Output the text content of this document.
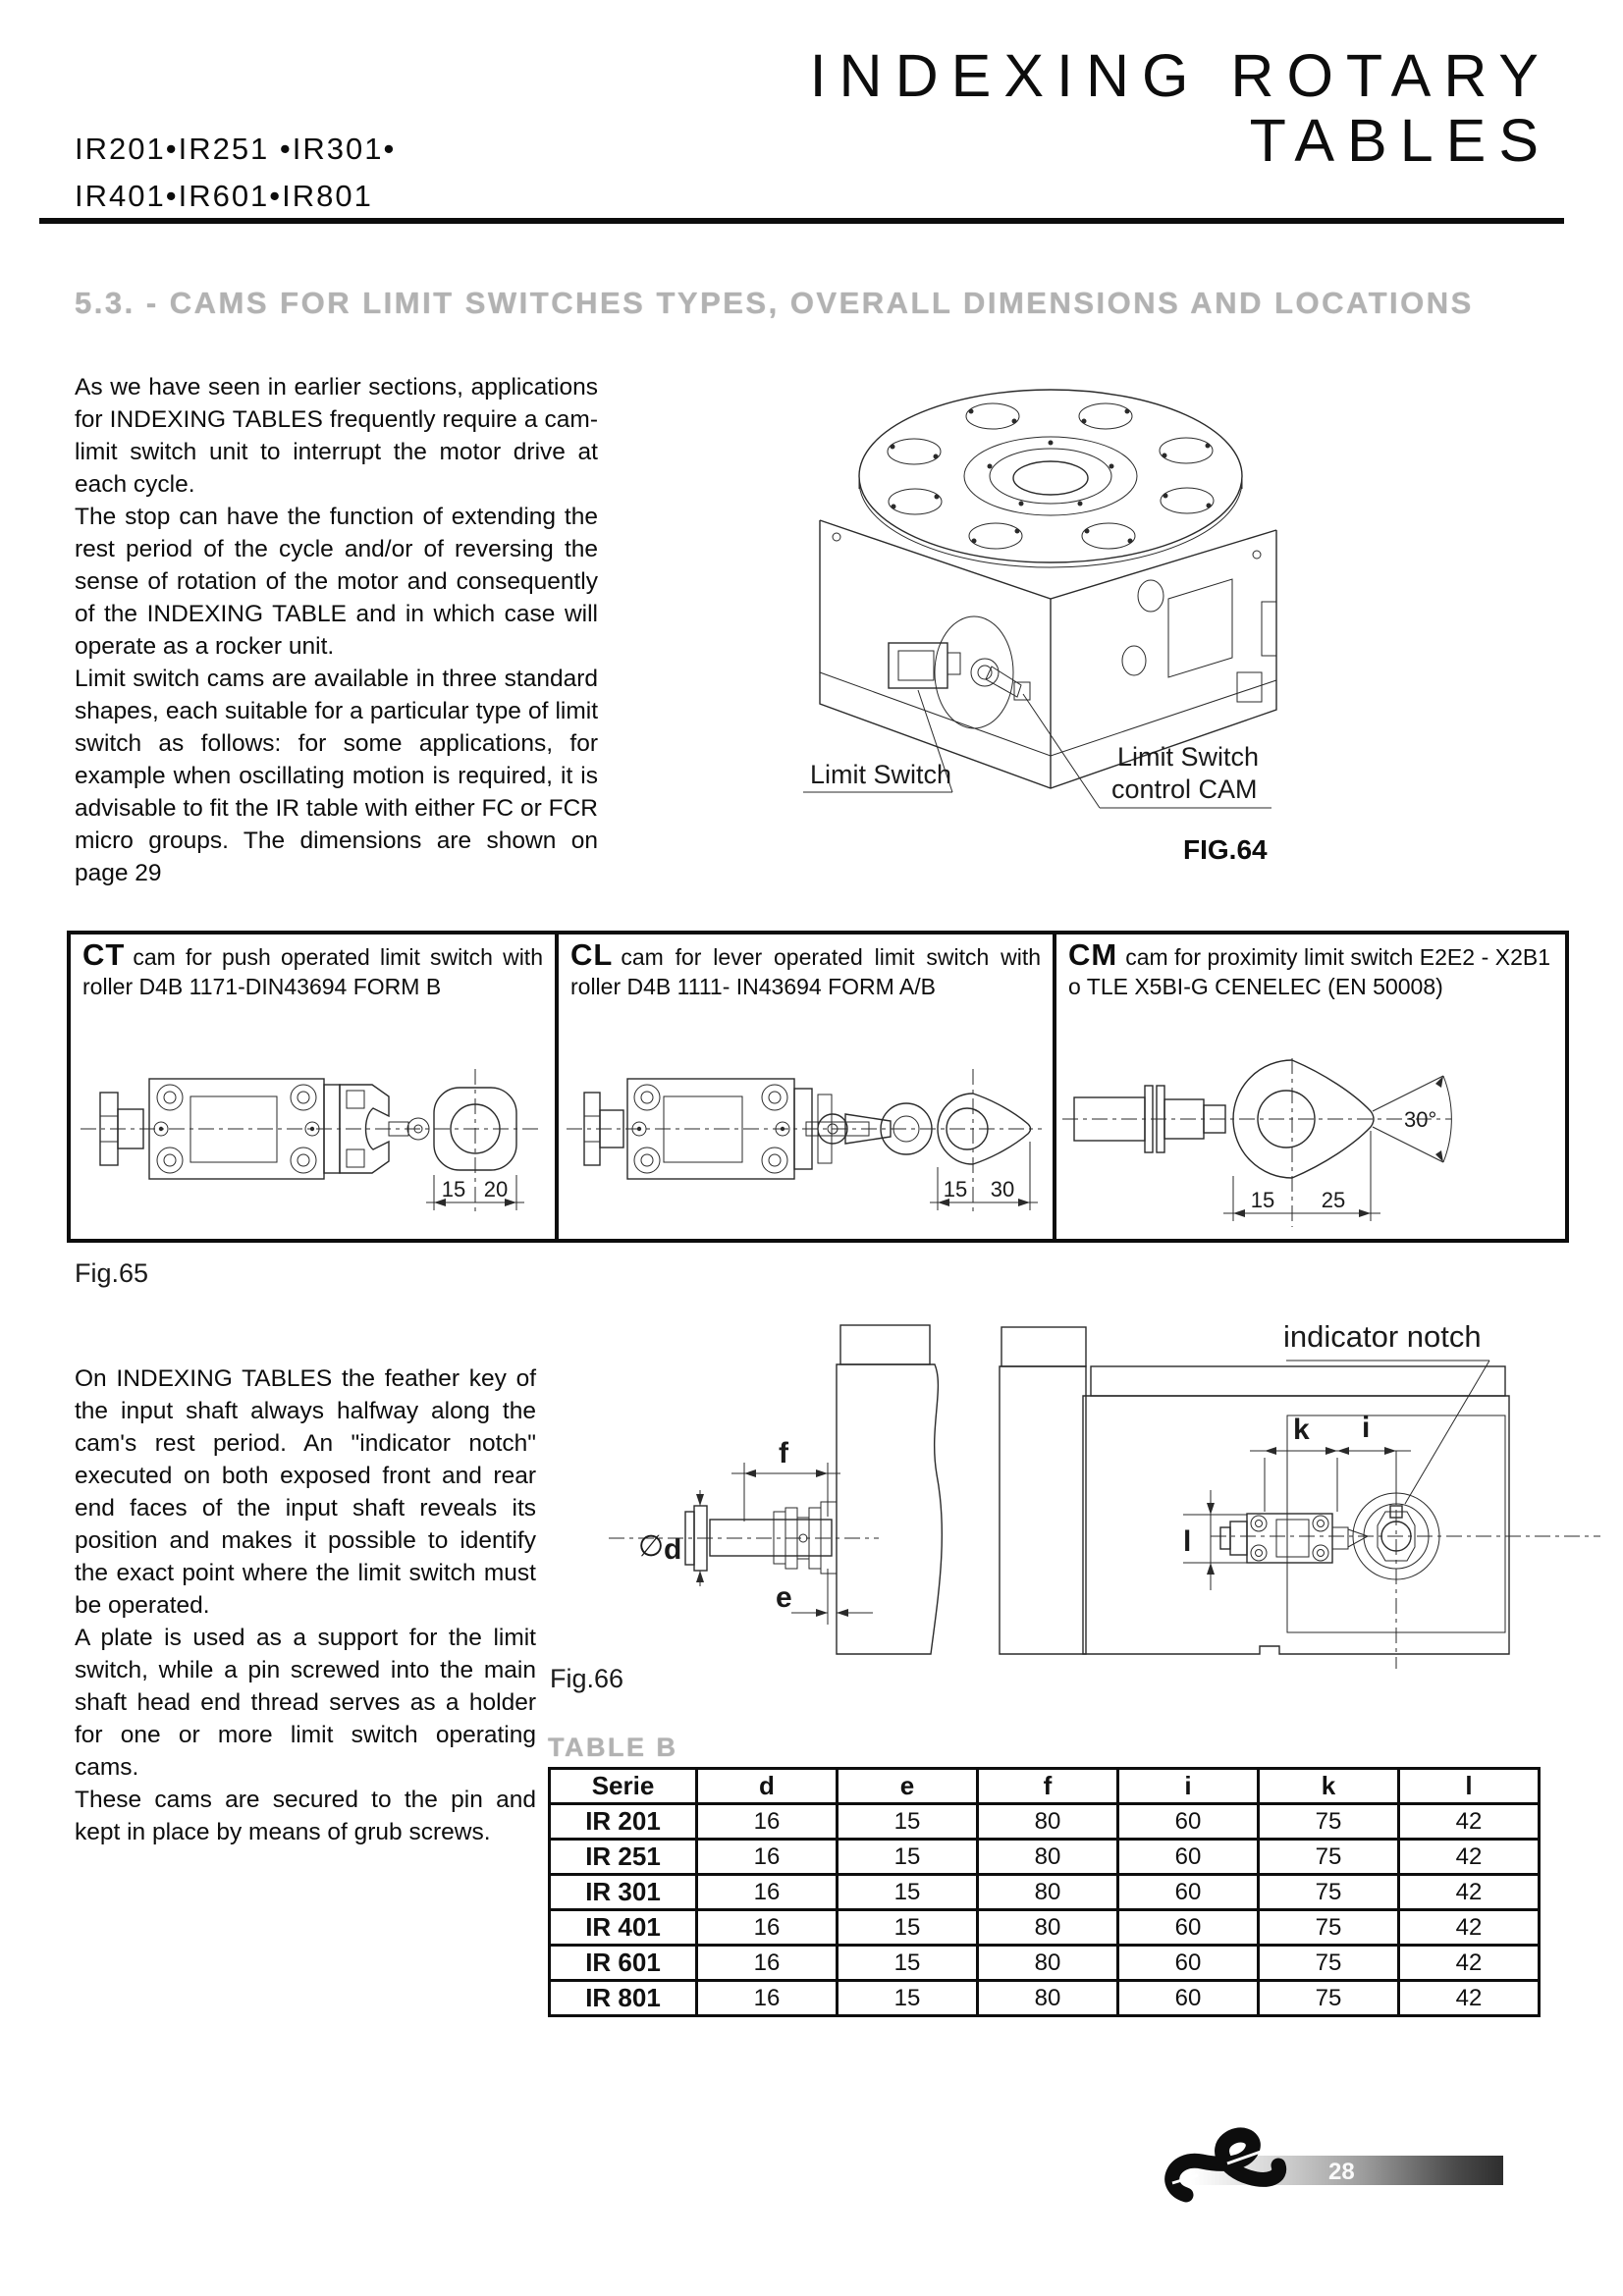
IR201•IR251 •IR301•
IR401•IR601•IR801
INDEXING ROTARY
TABLES
5.3. - CAMS FOR LIMIT SWITCHES TYPES, OVERALL DIMENSIONS AND LOCATIONS

As we have seen in earlier sections, applications for INDEXING TABLES frequently require a cam-limit switch unit to interrupt the motor drive at each cycle.

The stop can have the function of extending the rest period of the cycle and/or of reversing the sense of rotation of the motor and consequently of the INDEXING TABLE and in which case will operate as a rocker unit.

Limit switch cams are available in three standard shapes, each suitable for a particular type of limit switch as follows: for some applications, for example when oscillating motion is required, it is advisable to fit the IR table with either FC or FCR micro groups. The dimensions are shown on page 29

Limit Switch
Limit Switch
control CAM
FIG.64

CT cam for push operated limit switch with roller D4B 1171-DIN43694 FORM B

15 20

CL cam for lever operated limit switch with roller D4B 1111- IN43694 FORM A/B

15 30

CM cam for proximity limit switch E2E2 - X2B1 o TLE X5BI-G CENELEC (EN 50008)

30°
15 25
Fig.65

On INDEXING TABLES the feather key of the input shaft always halfway along the cam's rest period. An "indicator notch" executed on both exposed front and rear end faces of the input shaft reveals its position and makes it possible to identify the exact point where the limit switch must be operated.

A plate is used as a support for the limit switch, while a pin screwed into the main shaft head end thread serves as a holder for one or more limit switch operating cams.

These cams are secured to the pin and kept in place by means of grub screws.

f
∅ d
e
indicator notch
k i
l
Fig.66
TABLE B
Serie	d	e	f	i	k	l
IR 201	16	15	80	60	75	42
IR 251	16	15	80	60	75	42
IR 301	16	15	80	60	75	42
IR 401	16	15	80	60	75	42
IR 601	16	15	80	60	75	42
IR 801	16	15	80	60	75	42
28
